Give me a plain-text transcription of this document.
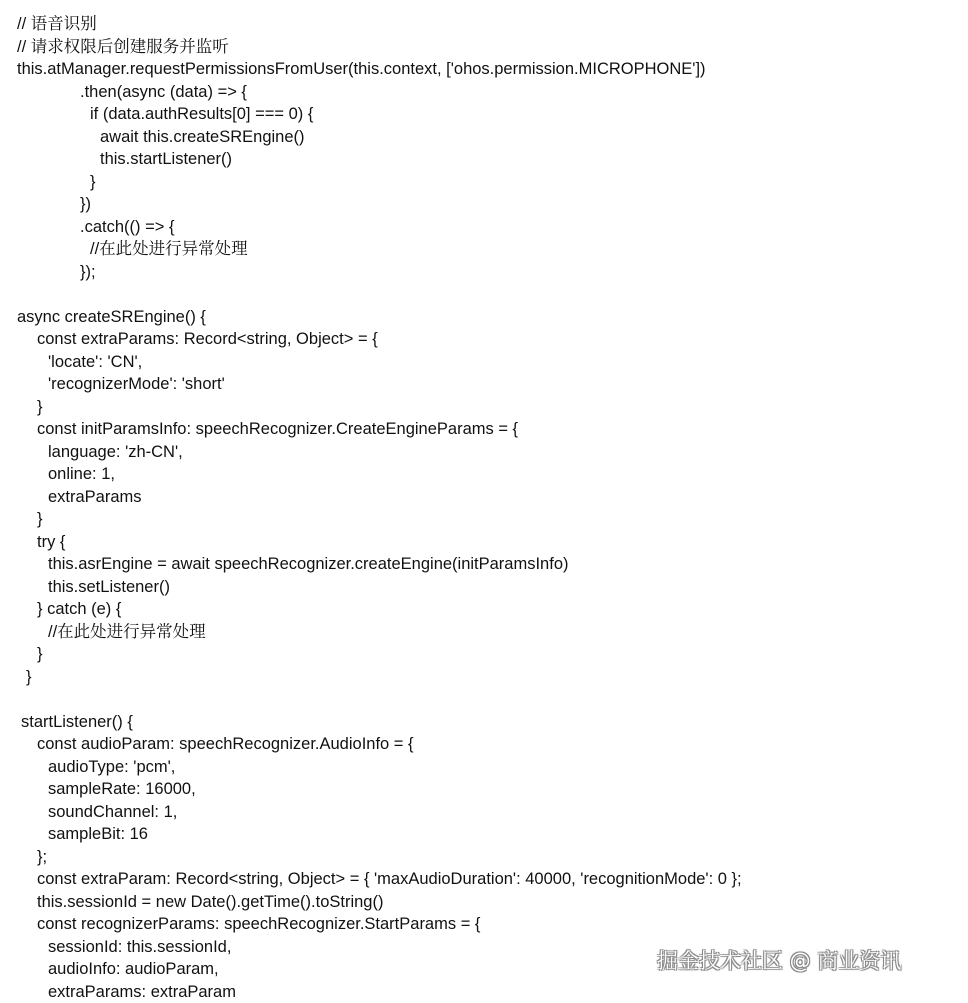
// 语音识别
// 请求权限后创建服务并监听
this.atManager.requestPermissionsFromUser(this.context, ['ohos.permission.MICROPHONE'])
.then(async (data) => {
if (data.authResults[0] === 0) {
await this.createSREngine()
this.startListener()
}
})
.catch(() => {
//在此处进行异常处理
});
async createSREngine() {
const extraParams: Record<string, Object> = {
'locate': 'CN',
'recognizerMode': 'short'
}
const initParamsInfo: speechRecognizer.CreateEngineParams = {
language: 'zh-CN',
online: 1,
extraParams
}
try {
this.asrEngine = await speechRecognizer.createEngine(initParamsInfo)
this.setListener()
} catch (e) {
//在此处进行异常处理
}
}
startListener() {
const audioParam: speechRecognizer.AudioInfo = {
audioType: 'pcm',
sampleRate: 16000,
soundChannel: 1,
sampleBit: 16
};
const extraParam: Record<string, Object> = { 'maxAudioDuration': 40000, 'recognitionMode': 0 };
this.sessionId = new Date().getTime().toString()
const recognizerParams: speechRecognizer.StartParams = {
sessionId: this.sessionId,
audioInfo: audioParam,
extraParams: extraParam
掘金技术社区 @ 商业资讯
